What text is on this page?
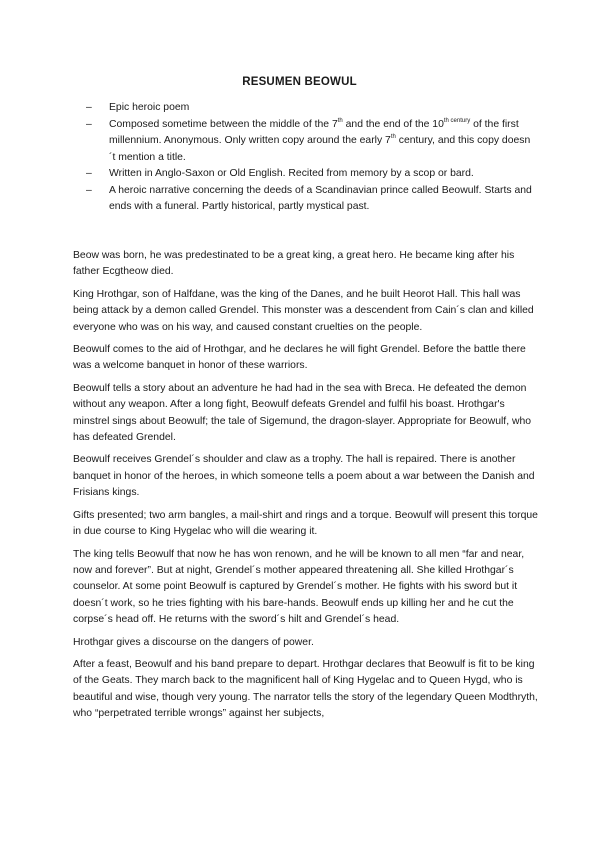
RESUMEN BEOWUL
– Epic heroic poem
– Composed sometime between the middle of the 7th and the end of the $10^{th century}$ of the first millennium. Anonymous. Only written copy around the early 7th century, and this copy doesn´t mention a title.
– Written in Anglo-Saxon or Old English. Recited from memory by a scop or bard.
– A heroic narrative concerning the deeds of a Scandinavian prince called Beowulf. Starts and ends with a funeral. Partly historical, partly mystical past.

Beow was born, he was predestinated to be a great king, a great hero. He became king after his father Ecgtheow died.

King Hrothgar, son of Halfdane, was the king of the Danes, and he built Heorot Hall. This hall was being attack by a demon called Grendel. This monster was a descendent from Cain´s clan and killed everyone who was on his way, and caused constant cruelties on the people.

Beowulf comes to the aid of Hrothgar, and he declares he will fight Grendel. Before the battle there was a welcome banquet in honor of these warriors.

Beowulf tells a story about an adventure he had had in the sea with Breca. He defeated the demon without any weapon. After a long fight, Beowulf defeats Grendel and fulfil his boast. Hrothgar's minstrel sings about Beowulf; the tale of Sigemund, the dragon-slayer. Appropriate for Beowulf, who has defeated Grendel.

Beowulf receives Grendel´s shoulder and claw as a trophy. The hall is repaired. There is another banquet in honor of the heroes, in which someone tells a poem about a war between the Danish and Frisians kings.

Gifts presented; two arm bangles, a mail-shirt and rings and a torque. Beowulf will present this torque in due course to King Hygelac who will die wearing it.

The king tells Beowulf that now he has won renown, and he will be known to all men “far and near, now and forever”. But at night, Grendel´s mother appeared threatening all. She killed Hrothgar´s counselor. At some point Beowulf is captured by Grendel´s mother. He fights with his sword but it doesn´t work, so he tries fighting with his bare-hands. Beowulf ends up killing her and he cut the corpse´s head off. He returns with the sword´s hilt and Grendel´s head.

Hrothgar gives a discourse on the dangers of power.

After a feast, Beowulf and his band prepare to depart. Hrothgar declares that Beowulf is fit to be king of the Geats. They march back to the magnificent hall of King Hygelac and to Queen Hygd, who is beautiful and wise, though very young. The narrator tells the story of the legendary Queen Modthryth, who “perpetrated terrible wrongs” against her subjects,
